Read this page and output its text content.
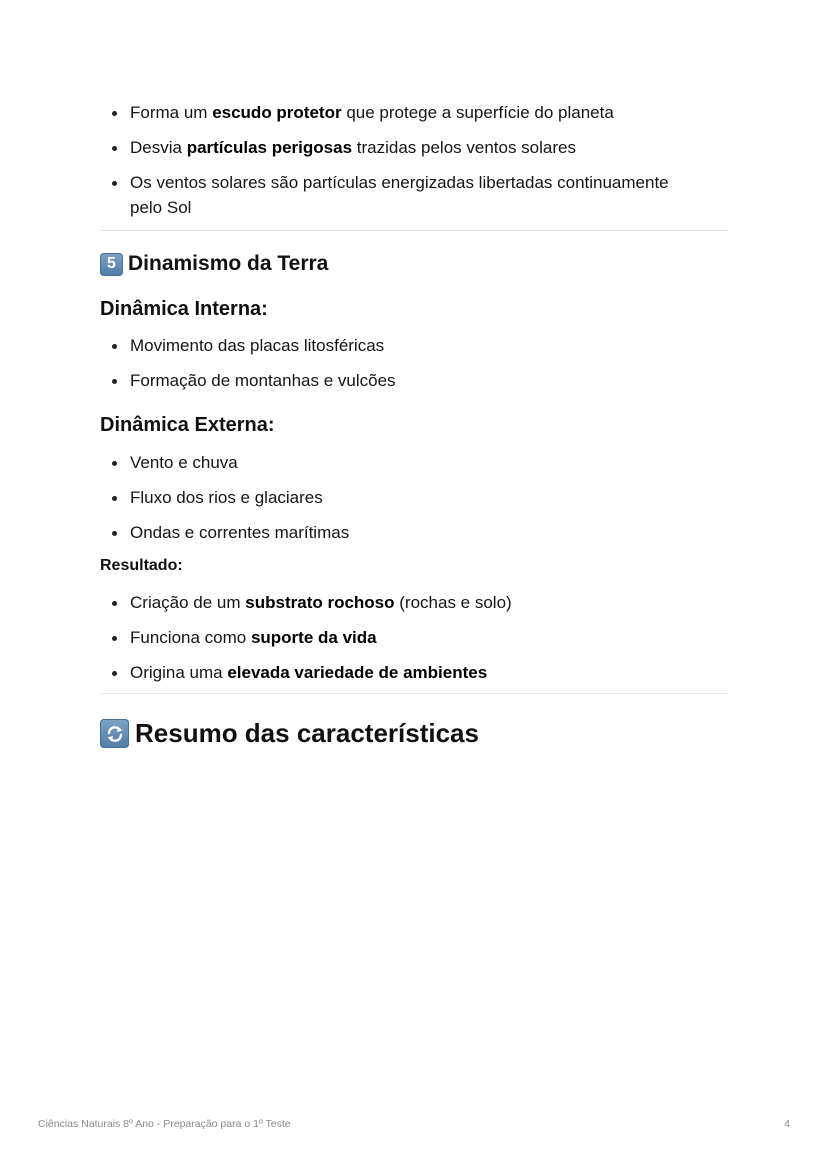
Forma um escudo protetor que protege a superfície do planeta
Desvia partículas perigosas trazidas pelos ventos solares
Os ventos solares são partículas energizadas libertadas continuamente pelo Sol
5 Dinamismo da Terra
Dinâmica Interna:
Movimento das placas litosféricas
Formação de montanhas e vulcões
Dinâmica Externa:
Vento e chuva
Fluxo dos rios e glaciares
Ondas e correntes marítimas
Resultado:
Criação de um substrato rochoso (rochas e solo)
Funciona como suporte da vida
Origina uma elevada variedade de ambientes
Resumo das características
Ciências Naturais 8º Ano - Preparação para o 1º Teste	4
